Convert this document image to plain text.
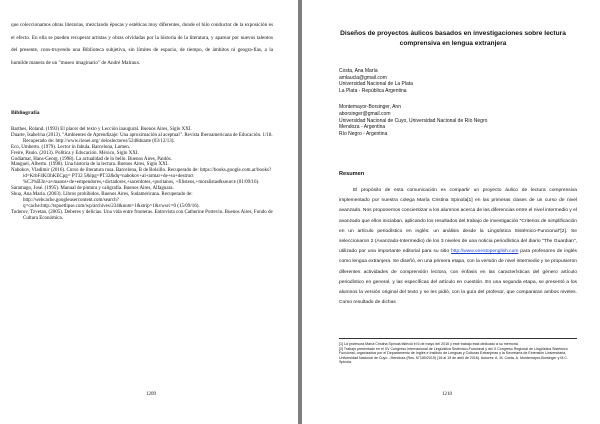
que coleccionamos obras literarias, mezclando épocas y estéticas muy diferentes, donde el hilo conductor de la exposición es el efecto. En ella se pueden recuperar artistas y obras olvidadas por la historia de la literatura, y aparear por nuevos talentos del presente, cons-truyendo una Biblioteca subjetiva, sin límites de espacio, de tiempo, de ámbitos ni geogra-fías, a la humilde manera de un "museo imaginario" de André Malraux.

Bibliografía

Barthes, Roland. (1993) El placer del texto y Lección inaugural. Buenos Aires, Siglo XXI.

Duarte, Isabel/na (2013). "Ambientes de Aprendizaje: Una aproximación al aceptual". Revista Iberoamericana de Educación. 1/18. Recuperado de: http://www.rieoei.org/ deloslectores/5248duarte (03/12/13).

Eco, Umberto. (1979). Lector in fabula. Barcelona, Lumen.

Freire, Paulo. (2013). Política y Educación. México, Siglo XXI.

Godiamar, Hans-Georg. (1998). La actualidad de lo bello. Buenos Aires, Paidós.

Manguel, Alberto. (1998). Una historia de la lectura. Buenos Aires, Siglo XXI.

Nabokov, Vladimir (2016). Curso de literatura rusa. Barcelona, B de Bolsillo. Recuperado de: https://books.google.com.ar/books?id=KrbF4Kl3hKECpg= PT32 5&lpg=PT32&dq=nabokov+al+armar+de+su+destruct %C3%B3n+a+manos+de+empendores,+dictadores,+sacerdotes,+puritanos, +filisteos,+moralistas&source (01/09/16).

Saramago, José. (1995). Manual de pintura y caligrafía. Buenos Aires, Alfaguara.

Shua, Ana María. (2003). Libros prohibidos. Buenos Aires, Sudamericana. Recuperado de: http://webcache.googleusercontent.com/search? q=cache:http://tspoetlipse.com/wp/archives/234&num=1&strip=1&vwsrc=0 (15/09/16).

Todorov, Tzvetan. (2005). Deberes y delicias. Una vida entre fronteras. Entrevista con Catherine Portevin. Buenos Aires, Fondo de Cultura Económica.

1209
Diseños de proyectos áulicos basados en investigaciones sobre lectura comprensiva en lengua extranjera
Costa, Ana María
amlaucla@gmail.com
Universidad Nacional de La Plata
La Plata - República Argentina
Montemayor-Borsinger, Ann
aborsinger@gmail.com
Universidad Nacional de Cuyo, Universidad Nacional de Río Negro
Mendoza - Argentina
Río Negro - Argentina
Resumen

El propósito de esta comunicación es compartir un proyecto áulico de lectura comprensiva implementado por nuestra colega María Cristina Spinola[1] en las primeras clases de un curso de nivel avanzado. Nos proponemos concientizar a los alumnos acerca de las diferencias entre el nivel intermedio y el avanzado que ellos iniciaban, aplicando los resultados del trabajo de investigación "Criterios de simplificación en un artículo periodístico en inglés: un análisis desde la Lingüística Sistémico-Funcional"[2]. Se seleccionaron 2 (Avanzado-Intermedio) de los 3 niveles de una noticia periodística del diario "The Guardian", utilizado por una importante editorial para su sitio http://www.onestopenglish.com para profesores de inglés como lengua extranjera. Se diseñó, en una primera etapa, con la versión de nivel intermedio y se propusieron diferentes actividades de comprensión lectora, con énfasis en las características del género artículo periodístico en general, y las específicas del artículo en cuestión. En una segunda etapa, se presentó a los alumnos la versión original del texto y se les pidió, con la guía del profesor, que compararan ambos niveles. Como resultado de dichas

[1] La profesora María Cristina Spinola falleció el 6 de mayo del 2016 y este trabajo está dedicado a su memoria.

[2] Trabajo presentado en el XV Congreso Internacional de Lingüística Sistémico-Funcional y del X Congreso Regional de Lingüística Sistémico Funcional, organizados por el Departamento de Inglés e Instituto de Lenguas y Culturas Extranjeras y la Secretaría de Extensión Universitaria, Universidad Nacional de Cuyo - Mendoza (Res. N°180/2015) (16 al 19 de abril de 2016). Autores: A. M. Costa, A. Montemayor-Borsinger y M.C. Spinola.

1210
